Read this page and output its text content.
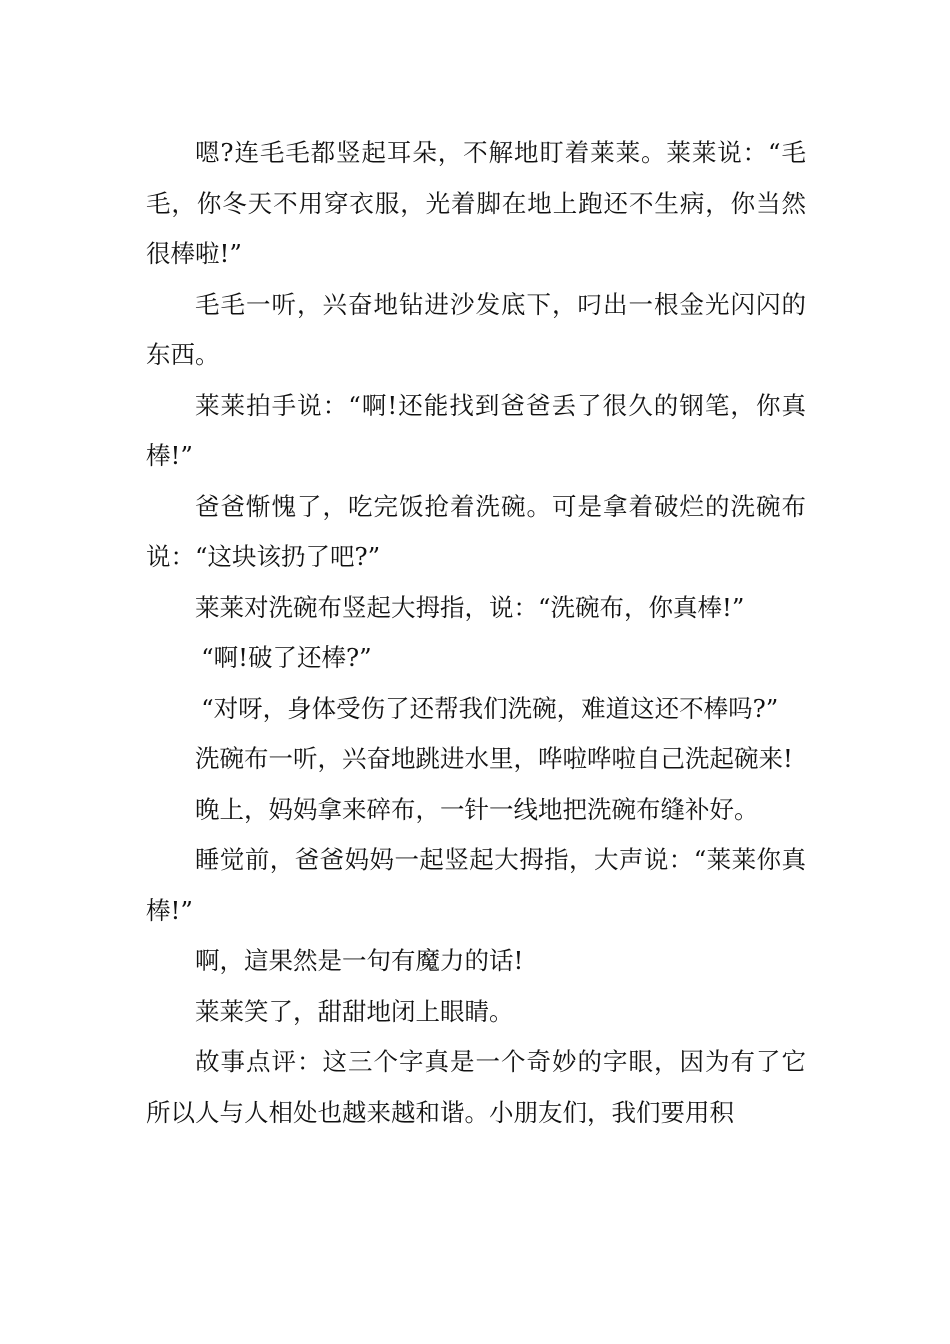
嗯?连毛毛都竖起耳朵，不解地盯着莱莱。莱莱说：“毛毛，你冬天不用穿衣服，光着脚在地上跑还不生病，你当然很棒啦!”

毛毛一听，兴奋地钻进沙发底下，叼出一根金光闪闪的东西。

莱莱拍手说：“啊!还能找到爸爸丢了很久的钢笔，你真棒!”

爸爸惭愧了，吃完饭抢着洗碗。可是拿着破烂的洗碗布说：“这块该扔了吧?”

莱莱对洗碗布竖起大拇指，说：“洗碗布，你真棒!”

“啊!破了还棒?”

“对呀，身体受伤了还帮我们洗碗，难道这还不棒吗?”

洗碗布一听，兴奋地跳进水里，哗啦哗啦自己洗起碗来!

晚上，妈妈拿来碎布，一针一线地把洗碗布缝补好。

睡觉前，爸爸妈妈一起竖起大拇指，大声说：“莱莱你真棒!”

啊，這果然是一句有魔力的话!

莱莱笑了，甜甜地闭上眼睛。

故事点评：这三个字真是一个奇妙的字眼，因为有了它所以人与人相处也越来越和谐。小朋友们，我们要用积
